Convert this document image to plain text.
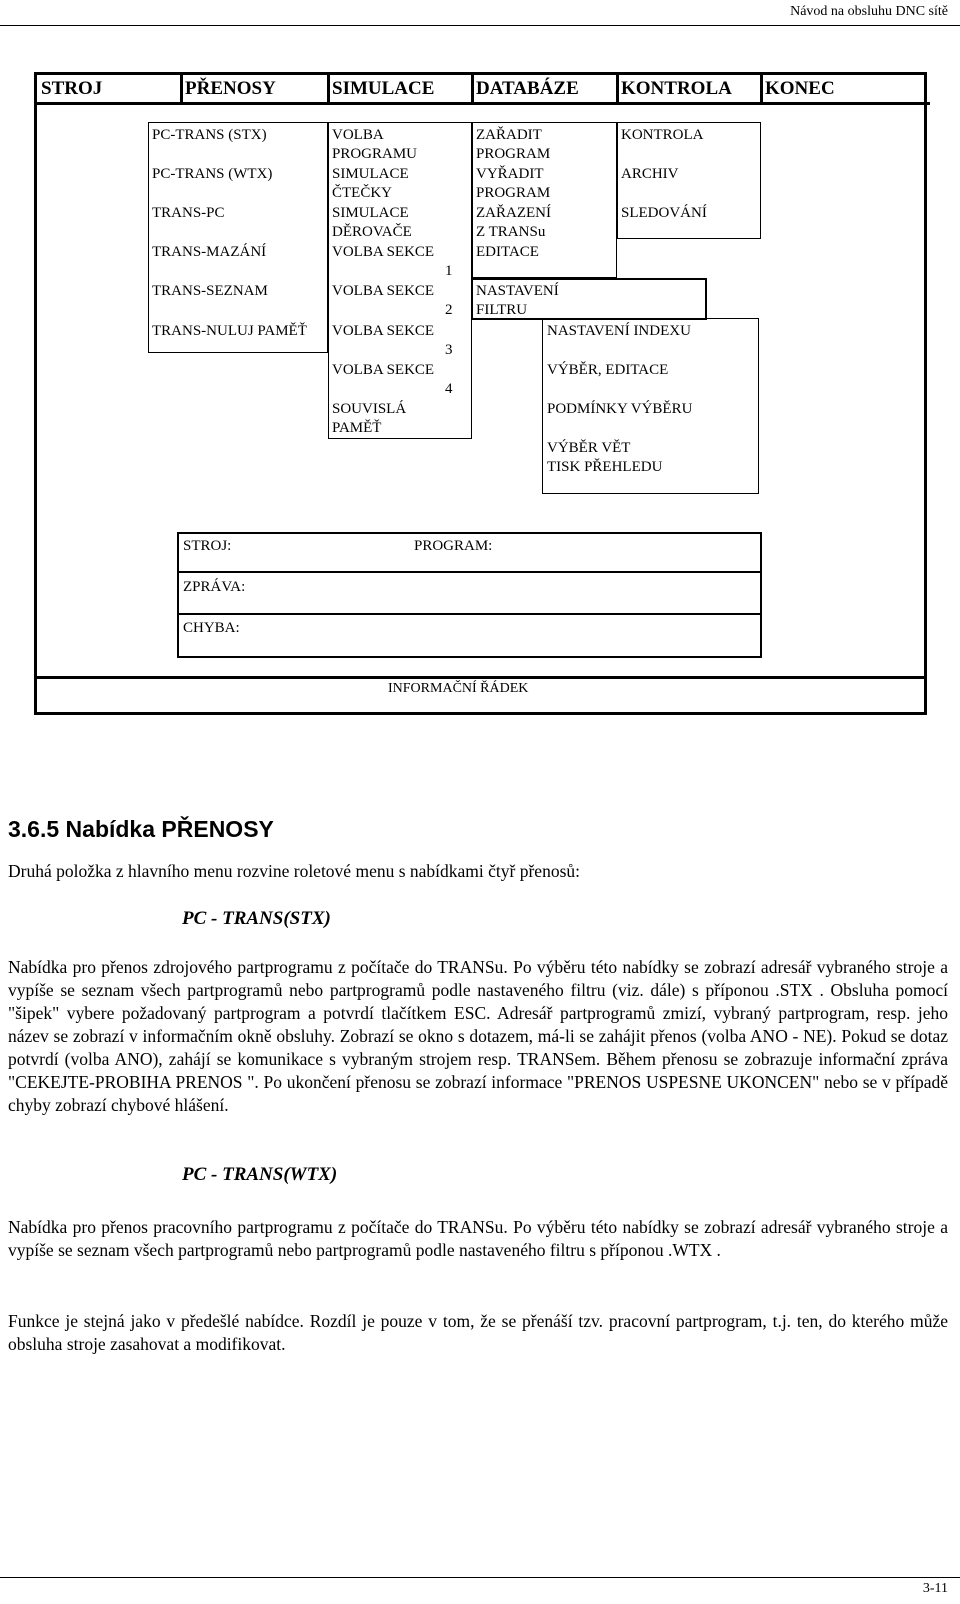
Návod na obsluhu DNC sítě
STROJ	PŘENOSY	SIMULACE DATABÁZE KONTROLA KONEC
PC-TRANS (STX)
PC-TRANS (WTX)
TRANS-PC
TRANS-MAZÁNÍ
TRANS-SEZNAM
TRANS-NULUJ PAMĚŤ
VOLBA
PROGRAMU
SIMULACE
ČTEČKY
SIMULACE
DĚROVAČE
VOLBA SEKCE
1
VOLBA SEKCE
2
VOLBA SEKCE
3
VOLBA SEKCE
4
SOUVISLÁ
PAMĚŤ
ZAŘADIT
PROGRAM
VYŘADIT
PROGRAM
ZAŘAZENÍ
Z TRANSu
EDITACE
NASTAVENÍ
FILTRU
NASTAVENÍ INDEXU
VÝBĚR, EDITACE
PODMÍNKY VÝBĚRU
VÝBĚR VĚT
TISK PŘEHLEDU
KONTROLA
ARCHIV
SLEDOVÁNÍ
STROJ:	PROGRAM:
ZPRÁVA:
CHYBA:
INFORMAČNÍ ŘÁDEK
3.6.5 Nabídka PŘENOSY
Druhá položka z hlavního menu rozvine roletové menu s nabídkami čtyř přenosů:
PC - TRANS(STX)
Nabídka pro přenos zdrojového partprogramu z počítače do TRANSu. Po výběru této nabídky se zobrazí adresář vybraného stroje a vypíše se seznam všech partprogramů nebo partprogramů podle nastaveného filtru (viz. dále) s příponou .STX . Obsluha pomocí "šipek" vybere požadovaný partprogram a potvrdí tlačítkem ESC. Adresář partprogramů zmizí, vybraný partprogram, resp. jeho název se zobrazí v informačním okně obsluhy. Zobrazí se okno s dotazem, má-li se zahájit přenos (volba ANO - NE). Pokud se dotaz potvrdí (volba ANO), zahájí se komunikace s vybraným strojem resp. TRANSem. Během přenosu se zobrazuje informační zpráva "CEKEJTE-PROBIHA PRENOS ". Po ukončení přenosu se zobrazí informace "PRENOS USPESNE UKONCEN" nebo se v případě chyby zobrazí chybové hlášení.
PC - TRANS(WTX)
Nabídka pro přenos pracovního partprogramu z počítače do TRANSu. Po výběru této nabídky se zobrazí adresář vybraného stroje a vypíše se seznam všech partprogramů nebo partprogramů podle nastaveného filtru s příponou .WTX .
Funkce je stejná jako v předešlé nabídce. Rozdíl je pouze v tom, že se přenáší tzv. pracovní partprogram, t.j. ten, do kterého může obsluha stroje zasahovat a modifikovat.
3-11
